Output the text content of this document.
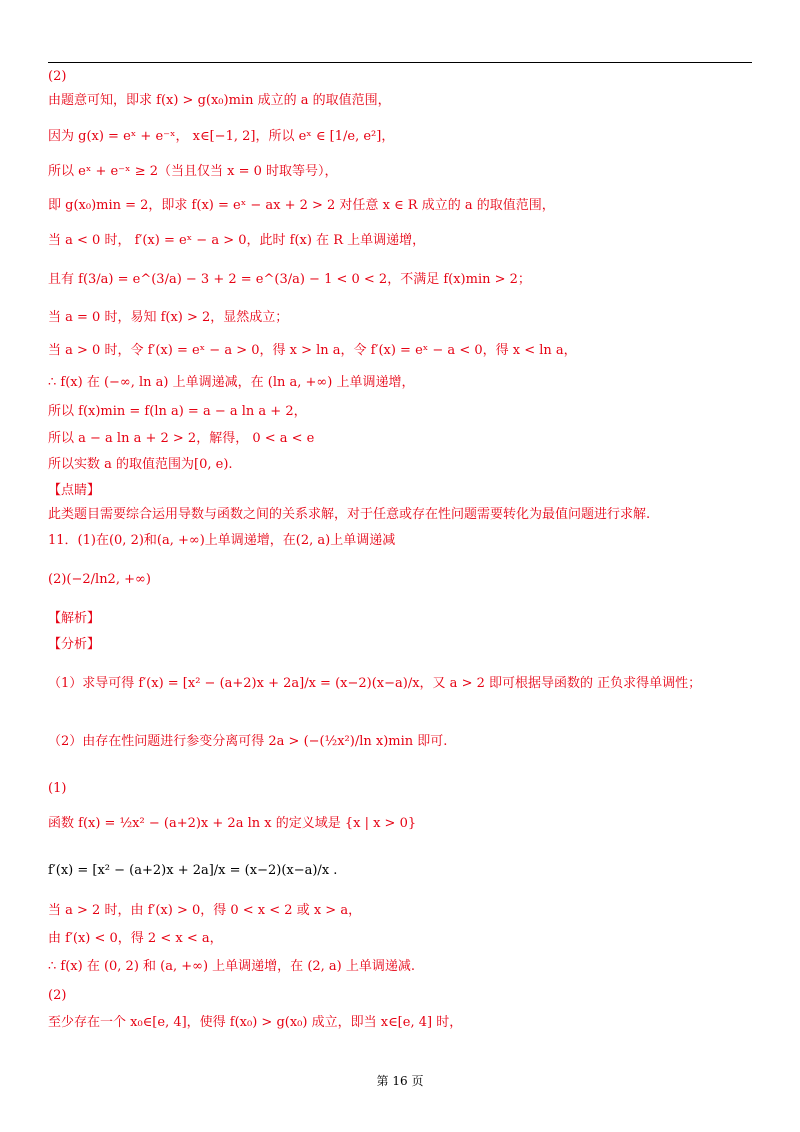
(2)
由题意可知，即求 f(x) > g(x₀)min 成立的 a 的取值范围，
因为 g(x) = eˣ + e⁻ˣ， x∈[−1, 2]，所以 eˣ ∈ [1/e, e²]，
所以 eˣ + e⁻ˣ ≥ 2（当且仅当 x = 0 时取等号），
即 g(x₀)min = 2，即求 f(x) = eˣ − ax + 2 > 2 对任意 x ∈ R 成立的 a 的取值范围，
当 a < 0 时， f′(x) = eˣ − a > 0，此时 f(x) 在 R 上单调递增，
且有 f(3/a) = e^(3/a) − 3 + 2 = e^(3/a) − 1 < 0 < 2，不满足 f(x)min > 2；
当 a = 0 时，易知 f(x) > 2，显然成立；
当 a > 0 时，令 f′(x) = eˣ − a > 0，得 x > ln a，令 f′(x) = eˣ − a < 0，得 x < ln a，
∴ f(x) 在 (−∞, ln a) 上单调递减，在 (ln a, +∞) 上单调递增，
所以 f(x)min = f(ln a) = a − a ln a + 2，
所以 a − a ln a + 2 > 2，解得， 0 < a < e
所以实数 a 的取值范围为[0, e).
【点睛】
此类题目需要综合运用导数与函数之间的关系求解，对于任意或存在性问题需要转化为最值问题进行求解.
11．(1)在(0, 2)和(a, +∞)上单调递增，在(2, a)上单调递减
(2)(−2/ln2, +∞)
【解析】
【分析】
（1）求导可得 f′(x) = [x² − (a+2)x + 2a]/x = (x−2)(x−a)/x，又 a > 2 即可根据导函数的 正负求得单调性；
（2）由存在性问题进行参变分离可得 2a > (−(½x²)/ln x)min 即可.
(1)
函数 f(x) = ½x² − (a+2)x + 2a ln x 的定义域是 {x | x > 0}
f′(x) = [x² − (a+2)x + 2a]/x = (x−2)(x−a)/x .
当 a > 2 时，由 f′(x) > 0，得 0 < x < 2 或 x > a，
由 f′(x) < 0，得 2 < x < a，
∴ f(x) 在 (0, 2) 和 (a, +∞) 上单调递增，在 (2, a) 上单调递减.
(2)
至少存在一个 x₀∈[e, 4]，使得 f(x₀) > g(x₀) 成立，即当 x∈[e, 4] 时，
第 16 页
